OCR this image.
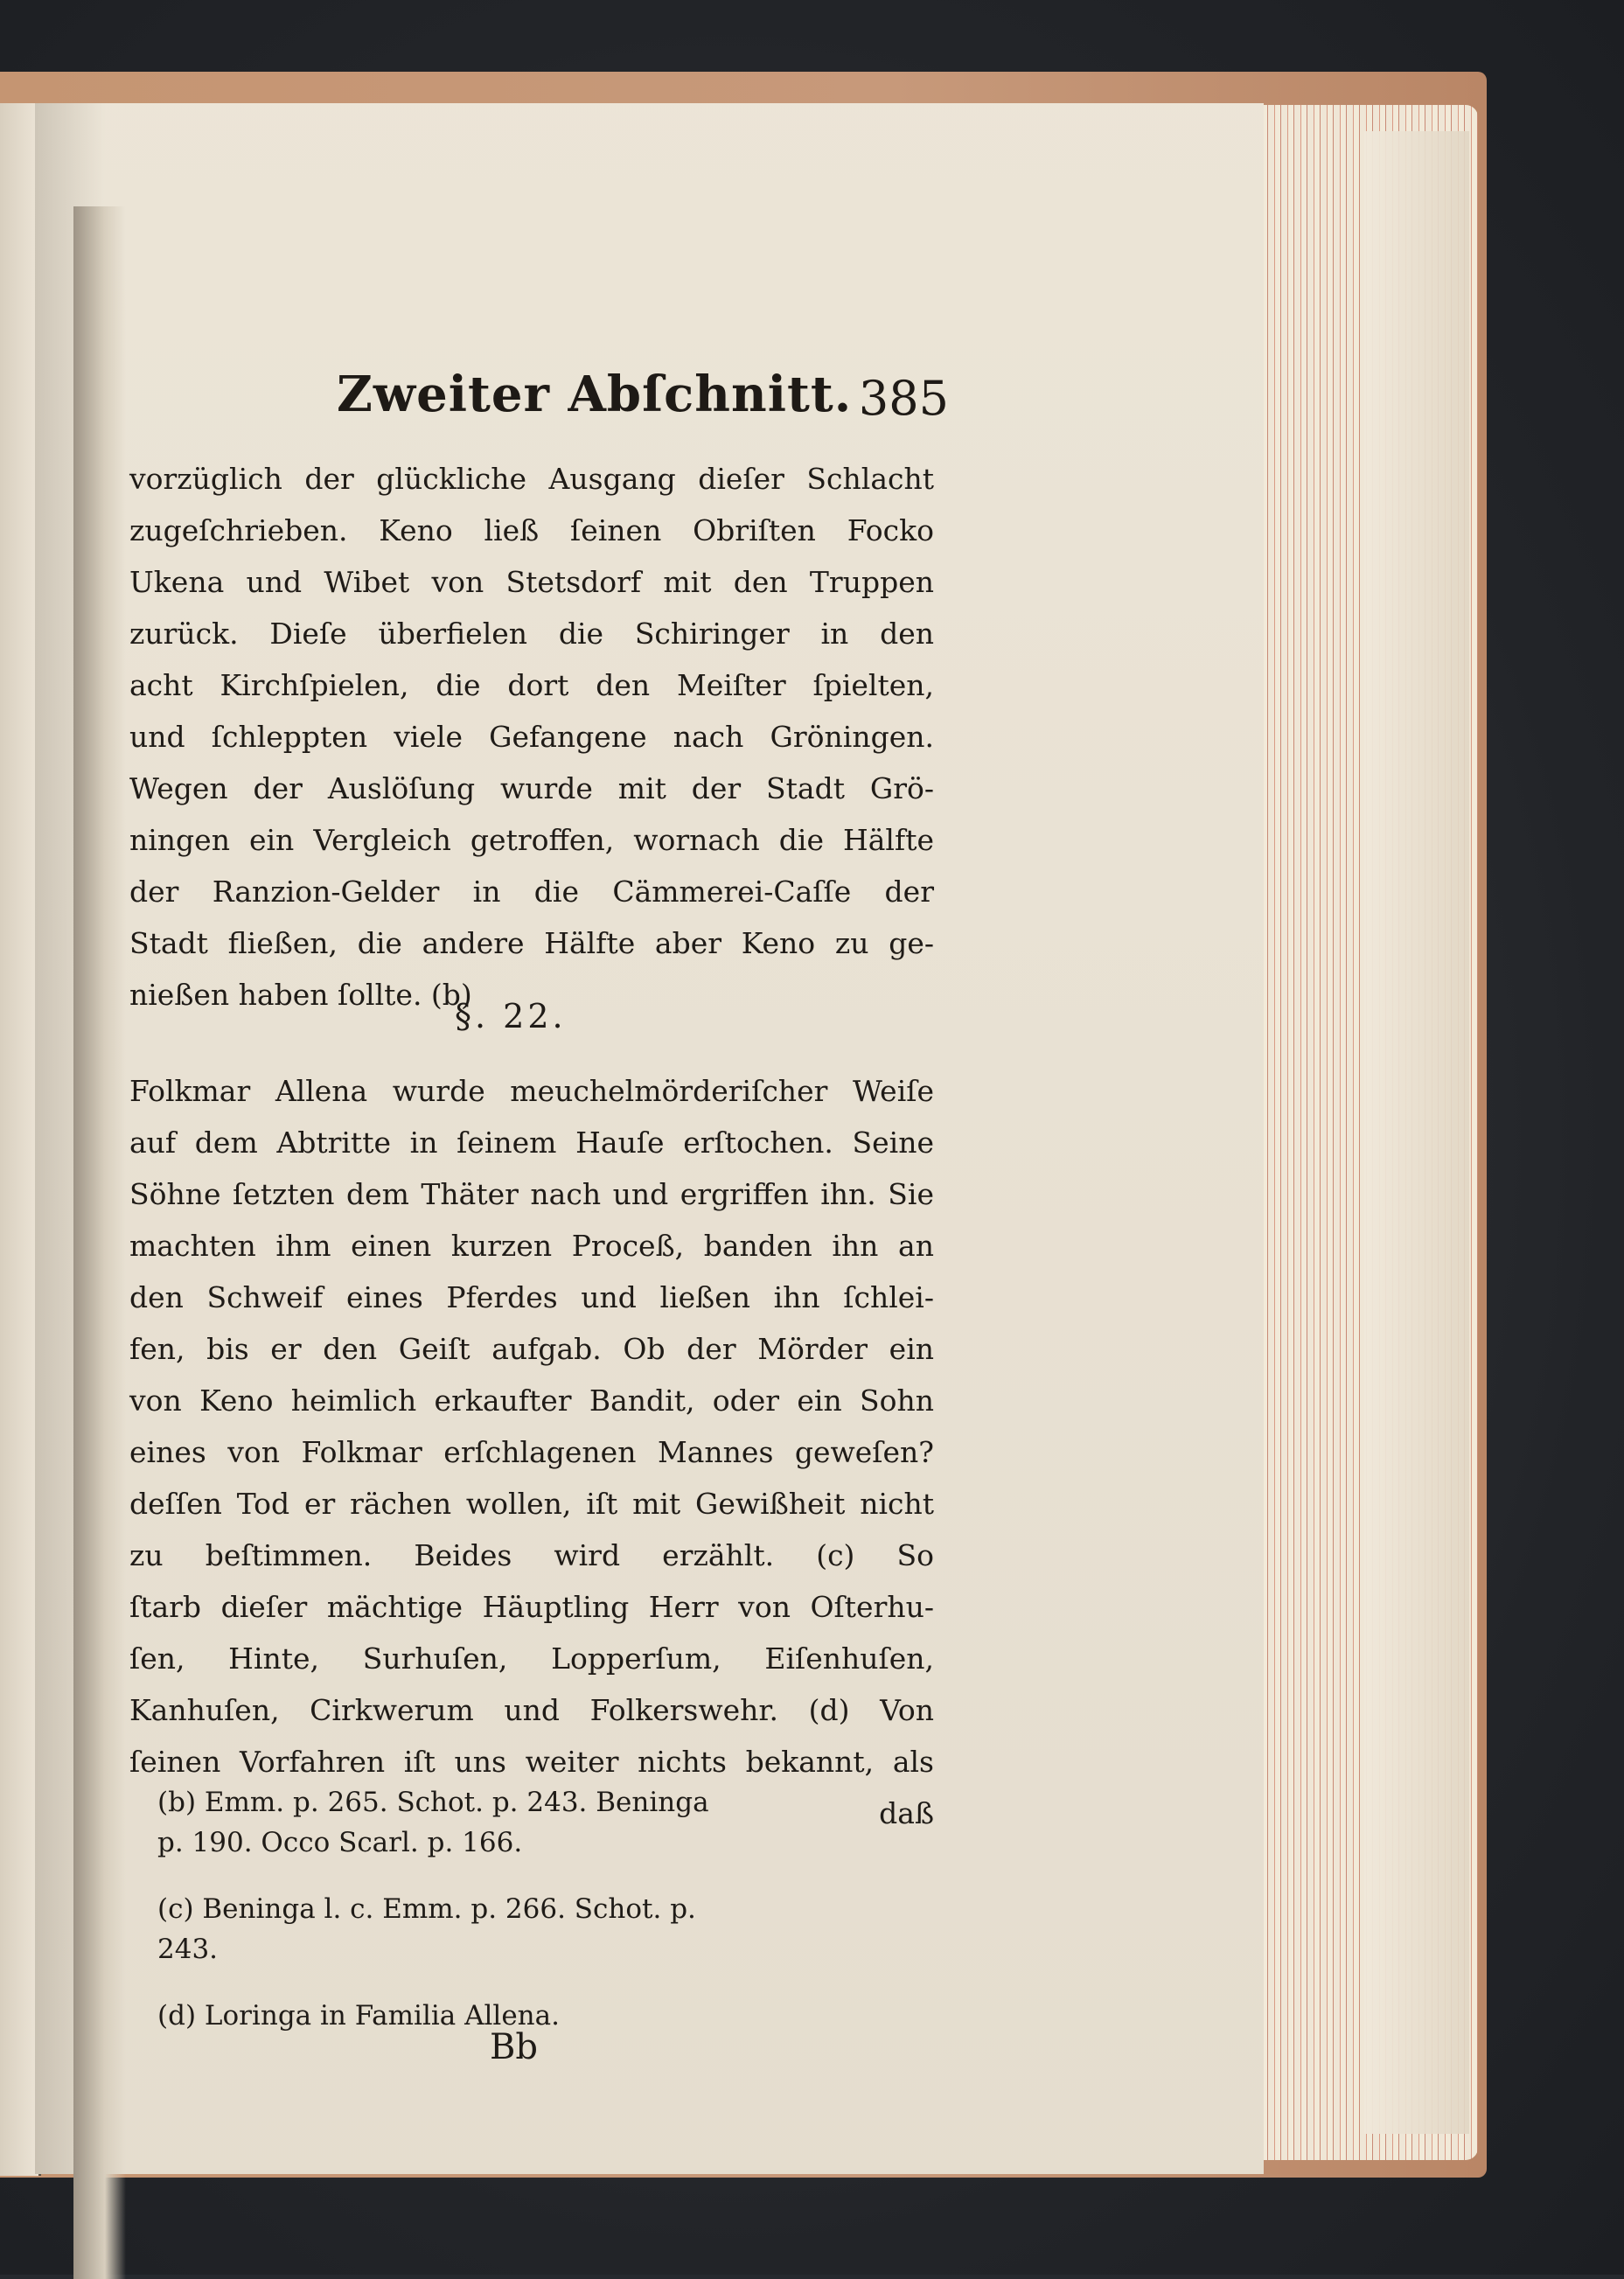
Zweiter Abſchnitt. 385
vorzüglich der glückliche Ausgang dieſer Schlacht
zugeſchrieben. Keno ließ ſeinen Obriſten Focko
Ukena und Wibet von Stetsdorf mit den Truppen
zurück. Dieſe überfielen die Schiringer in den
acht Kirchſpielen, die dort den Meiſter ſpielten,
und ſchleppten viele Gefangene nach Gröningen.
Wegen der Auslöſung wurde mit der Stadt Grö-
ningen ein Vergleich getroffen, wornach die Hälfte
der Ranzion-Gelder in die Cämmerei-Caſſe der
Stadt fließen, die andere Hälfte aber Keno zu ge-
nießen haben ſollte. (b)
§. 22.
Folkmar Allena wurde meuchelmörderiſcher Weiſe
auf dem Abtritte in ſeinem Hauſe erſtochen. Seine
Söhne ſetzten dem Thäter nach und ergriffen ihn. Sie
machten ihm einen kurzen Proceß, banden ihn an
den Schweif eines Pferdes und ließen ihn ſchlei-
fen, bis er den Geiſt aufgab. Ob der Mörder ein
von Keno heimlich erkaufter Bandit, oder ein Sohn
eines von Folkmar erſchlagenen Mannes geweſen?
deſſen Tod er rächen wollen, iſt mit Gewißheit nicht
zu beſtimmen. Beides wird erzählt. (c) So
ſtarb dieſer mächtige Häuptling Herr von Oſterhu-
ſen, Hinte, Surhuſen, Lopperſum, Eiſenhuſen,
Kanhuſen, Cirkwerum und Folkerswehr. (d) Von
ſeinen Vorfahren iſt uns weiter nichts bekannt, als
daß
(b) Emm. p. 265. Schot. p. 243. Beninga
p. 190. Occo Scarl. p. 166.
(c) Beninga l. c. Emm. p. 266. Schot. p.
243.
(d) Loringa in Familia Allena.
Bb
